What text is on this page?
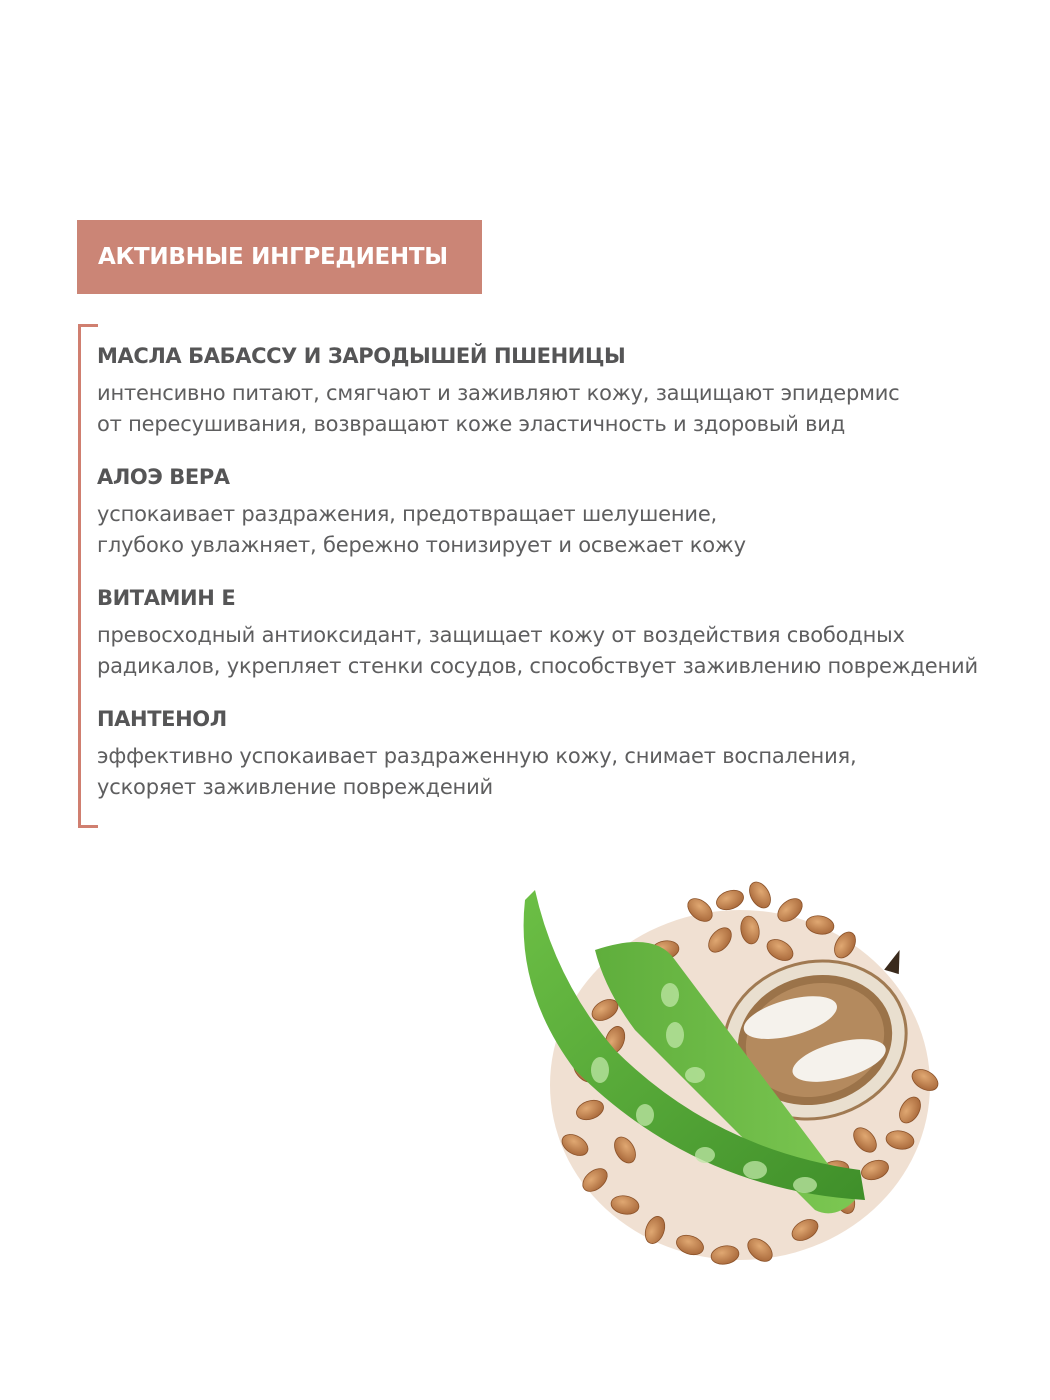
АКТИВНЫЕ ИНГРЕДИЕНТЫ
МАСЛА БАБАССУ И ЗАРОДЫШЕЙ ПШЕНИЦЫ

интенсивно питают, смягчают и заживляют кожу, защищают эпидермис
от пересушивания, возвращают коже эластичность и здоровый вид

АЛОЭ ВЕРА

успокаивает раздражения, предотвращает шелушение,
глубоко увлажняет, бережно тонизирует и освежает кожу

ВИТАМИН Е

превосходный антиоксидант, защищает кожу от воздействия свободных
радикалов, укрепляет стенки сосудов, способствует заживлению повреждений

ПАНТЕНОЛ

эффективно успокаивает раздраженную кожу, снимает воспаления,
ускоряет заживление повреждений
